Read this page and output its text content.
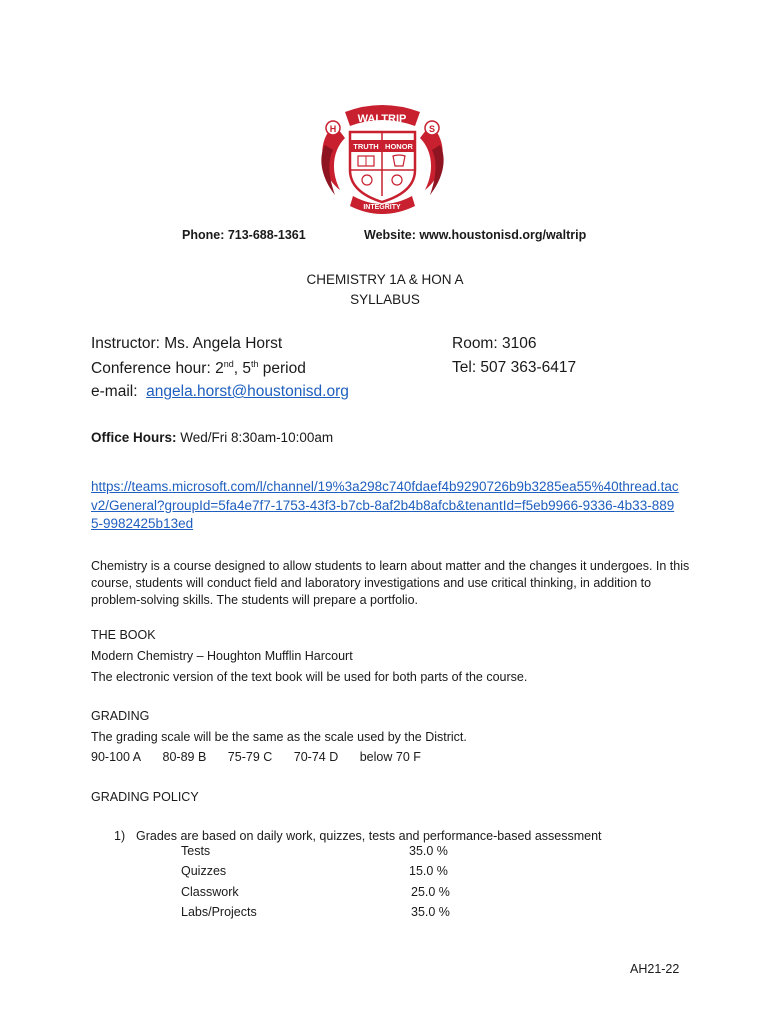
WALTRIP
H	S
TRUTH HONOR
INTEGRITY
Phone: 713-688-1361	Website: www.houstonisd.org/waltrip
CHEMISTRY 1A & HON A
SYLLABUS
Instructor: Ms. Angela Horst
Conference hour: 2nd, 5th period
e-mail: angela.horst@houstonisd.org
Room: 3106
Tel: 507 363-6417
Office Hours: Wed/Fri 8:30am-10:00am
https://teams.microsoft.com/l/channel/19%3a298c740fdaef4b9290726b9b3285ea55%40thread.tacv2/General?groupId=5fa4e7f7-1753-43f3-b7cb-8af2b4b8afcb&tenantId=f5eb9966-9336-4b33-8895-9982425b13ed
Chemistry is a course designed to allow students to learn about matter and the changes it undergoes. In this course, students will conduct field and laboratory investigations and use critical thinking, in addition to problem-solving skills. The students will prepare a portfolio.
THE BOOK
Modern Chemistry – Houghton Mufflin Harcourt
The electronic version of the text book will be used for both parts of the course.
GRADING
The grading scale will be the same as the scale used by the District.
90-100 A 80-89 B 75-79 C 70-74 D below 70 F
GRADING POLICY
1) Grades are based on daily work, quizzes, tests and performance-based assessment
Tests	35.0 %
Quizzes	15.0 %
Classwork	25.0 %
Labs/Projects	35.0 %
AH21-22
